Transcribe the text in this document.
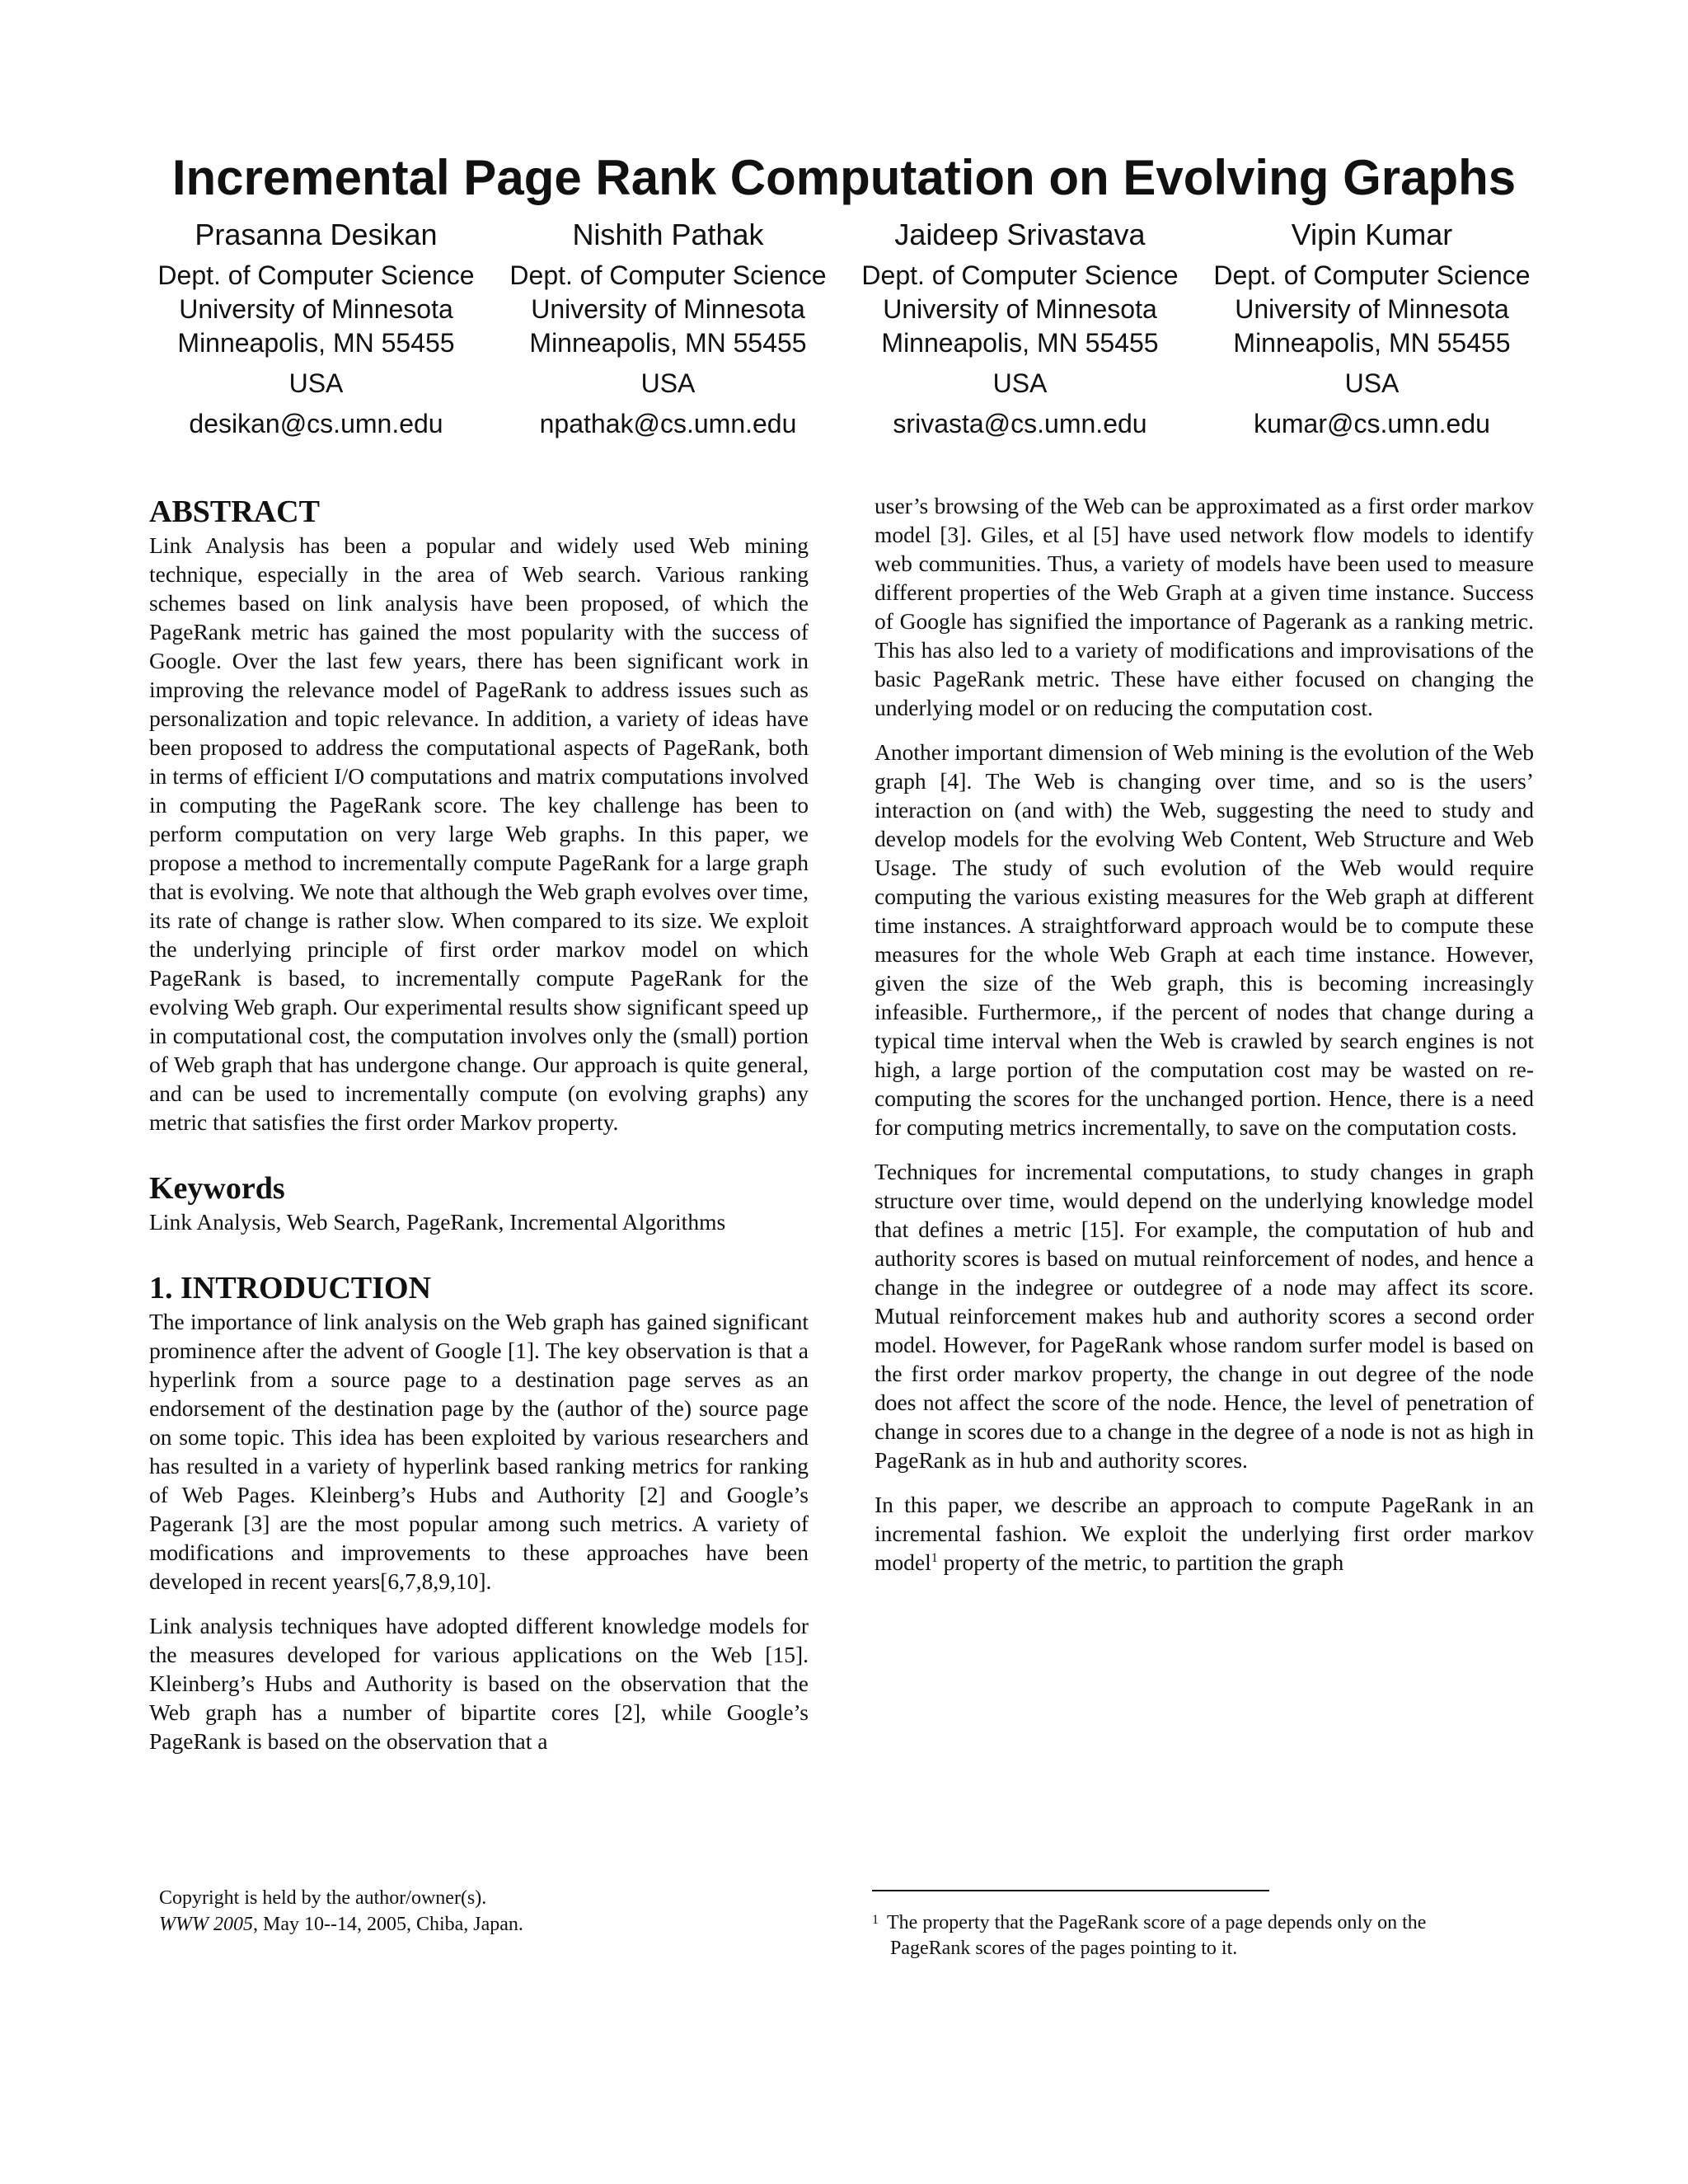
Incremental Page Rank Computation on Evolving Graphs
Prasanna Desikan
Dept. of Computer Science
University of Minnesota
Minneapolis, MN 55455
USA
desikan@cs.umn.edu
Nishith Pathak
Dept. of Computer Science
University of Minnesota
Minneapolis, MN 55455
USA
npathak@cs.umn.edu
Jaideep Srivastava
Dept. of Computer Science
University of Minnesota
Minneapolis, MN 55455
USA
srivasta@cs.umn.edu
Vipin Kumar
Dept. of Computer Science
University of Minnesota
Minneapolis, MN 55455
USA
kumar@cs.umn.edu
ABSTRACT

Link Analysis has been a popular and widely used Web mining technique, especially in the area of Web search. Various ranking schemes based on link analysis have been proposed, of which the PageRank metric has gained the most popularity with the success of Google. Over the last few years, there has been significant work in improving the relevance model of PageRank to address issues such as personalization and topic relevance. In addition, a variety of ideas have been proposed to address the computational aspects of PageRank, both in terms of efficient I/O computations and matrix computations involved in computing the PageRank score. The key challenge has been to perform computation on very large Web graphs. In this paper, we propose a method to incrementally compute PageRank for a large graph that is evolving. We note that although the Web graph evolves over time, its rate of change is rather slow. When compared to its size. We exploit the underlying principle of first order markov model on which PageRank is based, to incrementally compute PageRank for the evolving Web graph. Our experimental results show significant speed up in computational cost, the computation involves only the (small) portion of Web graph that has undergone change. Our approach is quite general, and can be used to incrementally compute (on evolving graphs) any metric that satisfies the first order Markov property.

Keywords

Link Analysis, Web Search, PageRank, Incremental Algorithms

1. INTRODUCTION

The importance of link analysis on the Web graph has gained significant prominence after the advent of Google [1]. The key observation is that a hyperlink from a source page to a destination page serves as an endorsement of the destination page by the (author of the) source page on some topic. This idea has been exploited by various researchers and has resulted in a variety of hyperlink based ranking metrics for ranking of Web Pages. Kleinberg’s Hubs and Authority [2] and Google’s Pagerank [3] are the most popular among such metrics. A variety of modifications and improvements to these approaches have been developed in recent years[6,7,8,9,10].

Link analysis techniques have adopted different knowledge models for the measures developed for various applications on the Web [15]. Kleinberg’s Hubs and Authority is based on the observation that the Web graph has a number of bipartite cores [2], while Google’s PageRank is based on the observation that a

user’s browsing of the Web can be approximated as a first order markov model [3]. Giles, et al [5] have used network flow models to identify web communities. Thus, a variety of models have been used to measure different properties of the Web Graph at a given time instance. Success of Google has signified the importance of Pagerank as a ranking metric. This has also led to a variety of modifications and improvisations of the basic PageRank metric. These have either focused on changing the underlying model or on reducing the computation cost.

Another important dimension of Web mining is the evolution of the Web graph [4]. The Web is changing over time, and so is the users’ interaction on (and with) the Web, suggesting the need to study and develop models for the evolving Web Content, Web Structure and Web Usage. The study of such evolution of the Web would require computing the various existing measures for the Web graph at different time instances. A straightforward approach would be to compute these measures for the whole Web Graph at each time instance. However, given the size of the Web graph, this is becoming increasingly infeasible. Furthermore,, if the percent of nodes that change during a typical time interval when the Web is crawled by search engines is not high, a large portion of the computation cost may be wasted on re-computing the scores for the unchanged portion. Hence, there is a need for computing metrics incrementally, to save on the computation costs.

Techniques for incremental computations, to study changes in graph structure over time, would depend on the underlying knowledge model that defines a metric [15]. For example, the computation of hub and authority scores is based on mutual reinforcement of nodes, and hence a change in the indegree or outdegree of a node may affect its score. Mutual reinforcement makes hub and authority scores a second order model. However, for PageRank whose random surfer model is based on the first order markov property, the change in out degree of the node does not affect the score of the node. Hence, the level of penetration of change in scores due to a change in the degree of a node is not as high in PageRank as in hub and authority scores.

In this paper, we describe an approach to compute PageRank in an incremental fashion. We exploit the underlying first order markov model$^1$ property of the metric, to partition the graph

Copyright is held by the author/owner(s).
WWW 2005, May 10--14, 2005, Chiba, Japan.	$^1$ The property that the PageRank score of a page depends only on the
PageRank scores of the pages pointing to it.
